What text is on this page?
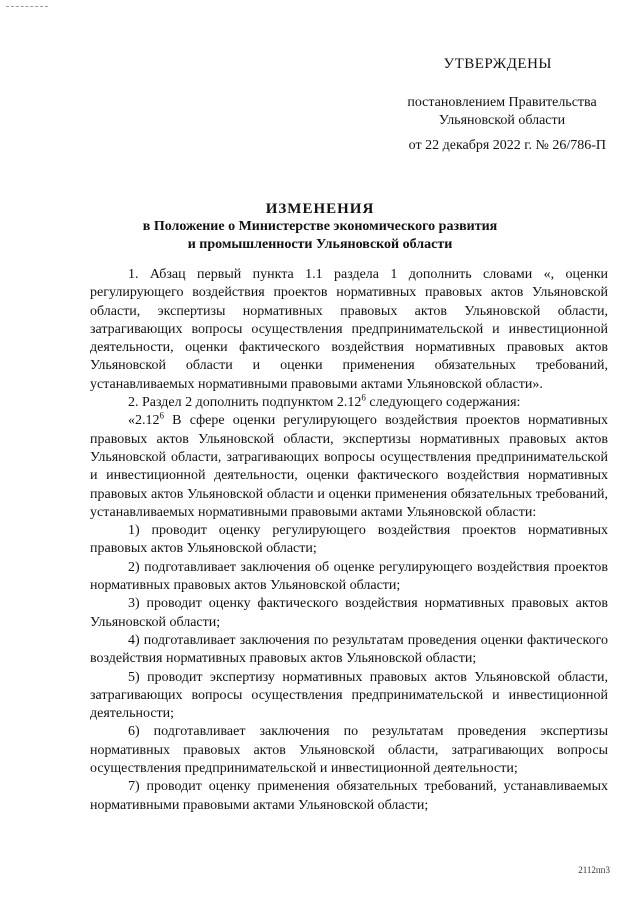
УТВЕРЖДЕНЫ
постановлением Правительства
Ульяновской области
от 22 декабря 2022 г. № 26/786-П
ИЗМЕНЕНИЯ
в Положение о Министерстве экономического развития
и промышленности Ульяновской области

1. Абзац первый пункта 1.1 раздела 1 дополнить словами «, оценки регулирующего воздействия проектов нормативных правовых актов Ульяновской области, экспертизы нормативных правовых актов Ульяновской области, затрагивающих вопросы осуществления предпринимательской и инвестиционной деятельности, оценки фактического воздействия нормативных правовых актов Ульяновской области и оценки применения обязательных требований, устанавливаемых нормативными правовыми актами Ульяновской области».

2. Раздел 2 дополнить подпунктом 2.12$^6$ следующего содержания:

«2.12$^6$ В сфере оценки регулирующего воздействия проектов нормативных правовых актов Ульяновской области, экспертизы нормативных правовых актов Ульяновской области, затрагивающих вопросы осуществления предпринимательской и инвестиционной деятельности, оценки фактического воздействия нормативных правовых актов Ульяновской области и оценки применения обязательных требований, устанавливаемых нормативными правовыми актами Ульяновской области:

1) проводит оценку регулирующего воздействия проектов нормативных правовых актов Ульяновской области;

2) подготавливает заключения об оценке регулирующего воздействия проектов нормативных правовых актов Ульяновской области;

3) проводит оценку фактического воздействия нормативных правовых актов Ульяновской области;

4) подготавливает заключения по результатам проведения оценки фактического воздействия нормативных правовых актов Ульяновской области;

5) проводит экспертизу нормативных правовых актов Ульяновской области, затрагивающих вопросы осуществления предпринимательской и инвестиционной деятельности;

6) подготавливает заключения по результатам проведения экспертизы нормативных правовых актов Ульяновской области, затрагивающих вопросы осуществления предпринимательской и инвестиционной деятельности;

7) проводит оценку применения обязательных требований, устанавливаемых нормативными правовыми актами Ульяновской области;

2112пп3
